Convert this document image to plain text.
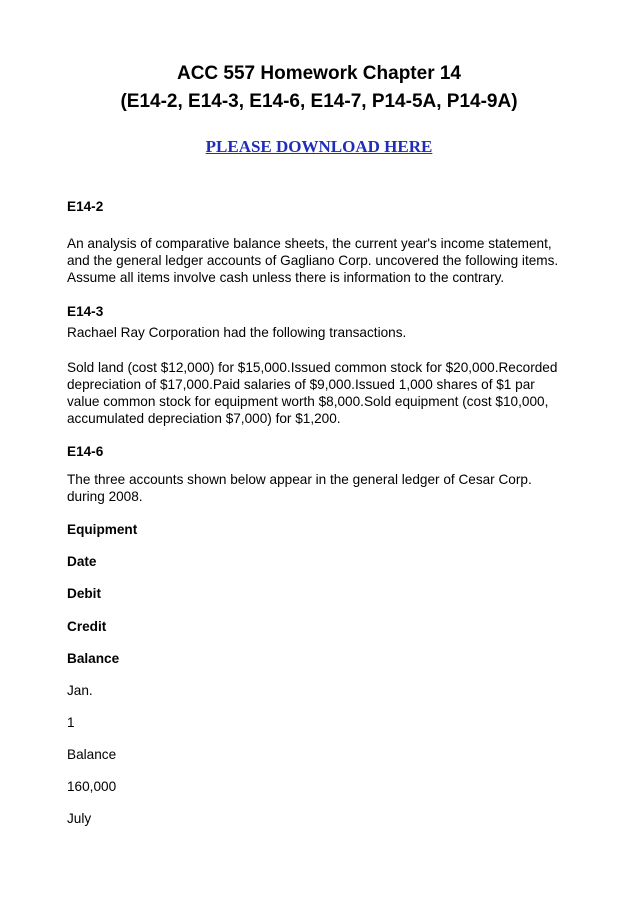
ACC 557 Homework Chapter 14
(E14-2, E14-3, E14-6, E14-7, P14-5A, P14-9A)
PLEASE DOWNLOAD HERE

E14-2

An analysis of comparative balance sheets, the current year's income statement,

and the general ledger accounts of Gagliano Corp. uncovered the following items.

Assume all items involve cash unless there is information to the contrary.

E14-3

Rachael Ray Corporation had the following transactions.

Sold land (cost $12,000) for $15,000.Issued common stock for $20,000.Recorded

depreciation of $17,000.Paid salaries of $9,000.Issued 1,000 shares of $1 par

value common stock for equipment worth $8,000.Sold equipment (cost $10,000,

accumulated depreciation $7,000) for $1,200.

E14-6

The three accounts shown below appear in the general ledger of Cesar Corp.

during 2008.

Equipment

Date

Debit

Credit

Balance

Jan.

1

Balance

160,000

July
